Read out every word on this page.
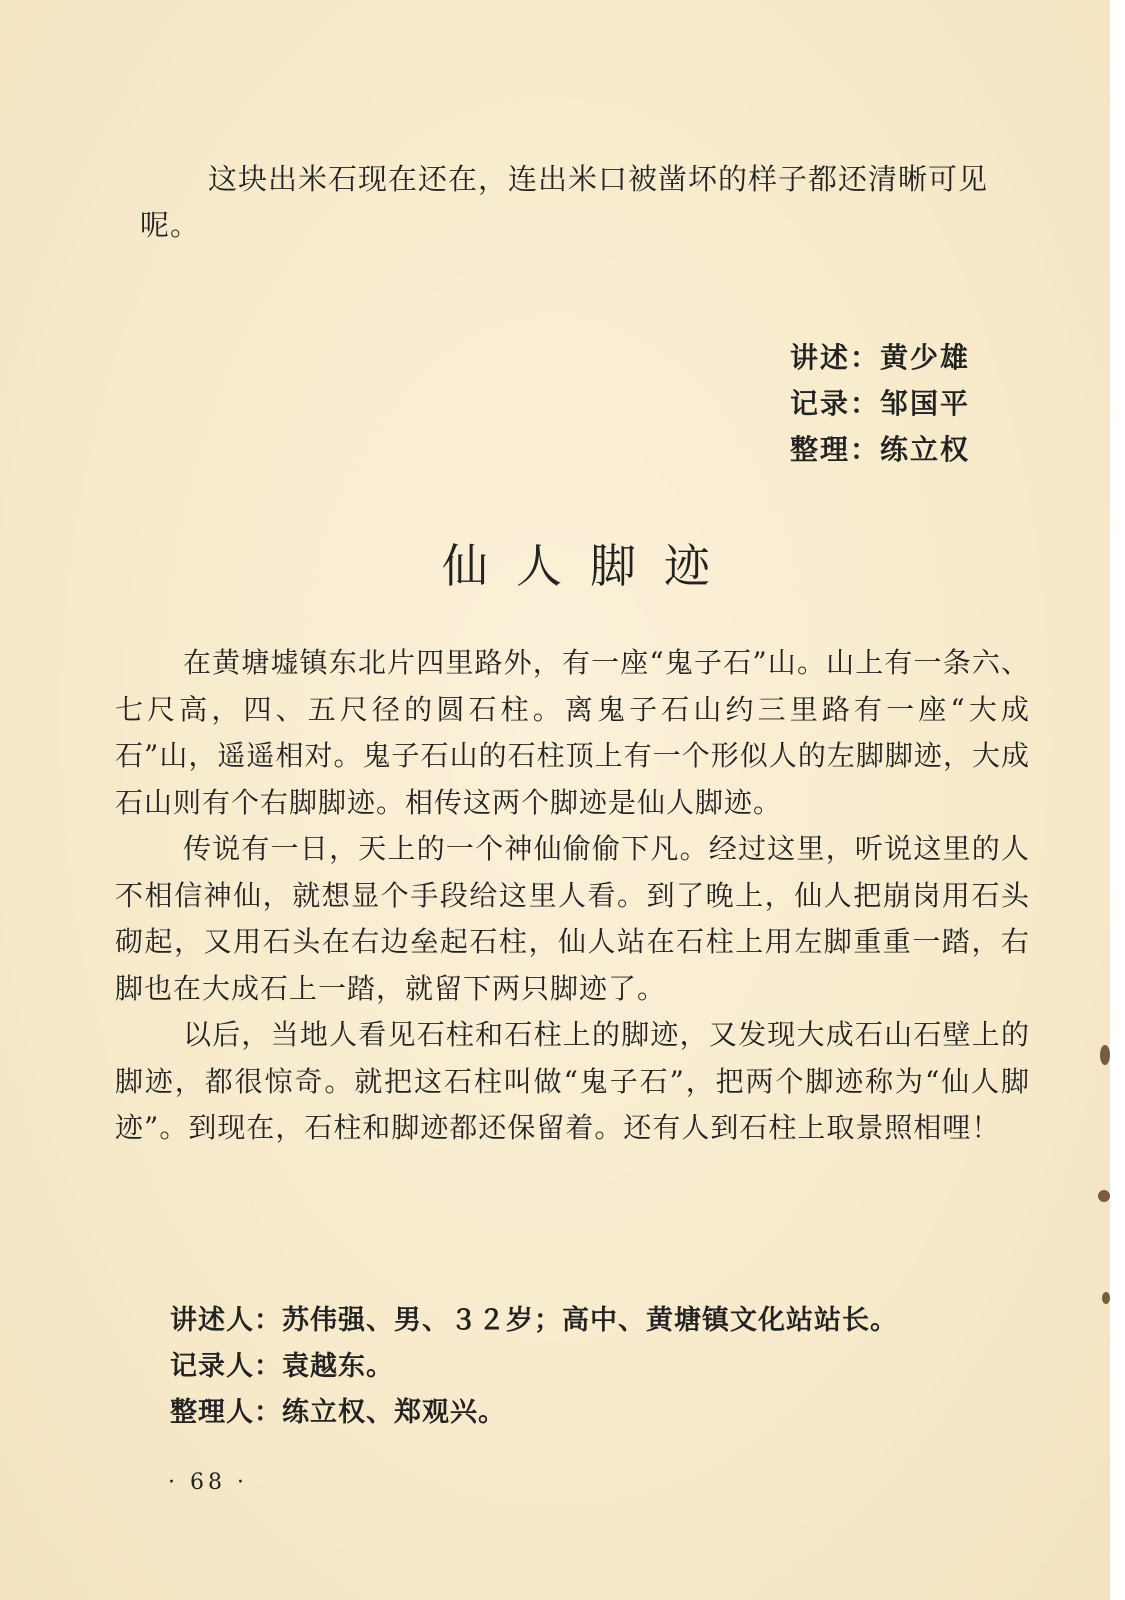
这块出米石现在还在，连出米口被凿坏的样子都还清晰可见呢。

讲述：黄少雄
记录：邹国平
整理：练立权
仙人脚迹

在黄塘墟镇东北片四里路外，有一座“鬼子石”山。山上有一条六、七尺高，四、五尺径的圆石柱。离鬼子石山约三里路有一座“大成石”山，遥遥相对。鬼子石山的石柱顶上有一个形似人的左脚脚迹，大成石山则有个右脚脚迹。相传这两个脚迹是仙人脚迹。

传说有一日，天上的一个神仙偷偷下凡。经过这里，听说这里的人不相信神仙，就想显个手段给这里人看。到了晚上，仙人把崩岗用石头砌起，又用石头在右边垒起石柱，仙人站在石柱上用左脚重重一踏，右脚也在大成石上一踏，就留下两只脚迹了。

以后，当地人看见石柱和石柱上的脚迹，又发现大成石山石壁上的脚迹，都很惊奇。就把这石柱叫做“鬼子石”，把两个脚迹称为“仙人脚迹”。到现在，石柱和脚迹都还保留着。还有人到石柱上取景照相哩！

讲述人：苏伟强、男、３２岁；高中、黄塘镇文化站站长。
记录人：袁越东。
整理人：练立权、郑观兴。
· 68 ·
